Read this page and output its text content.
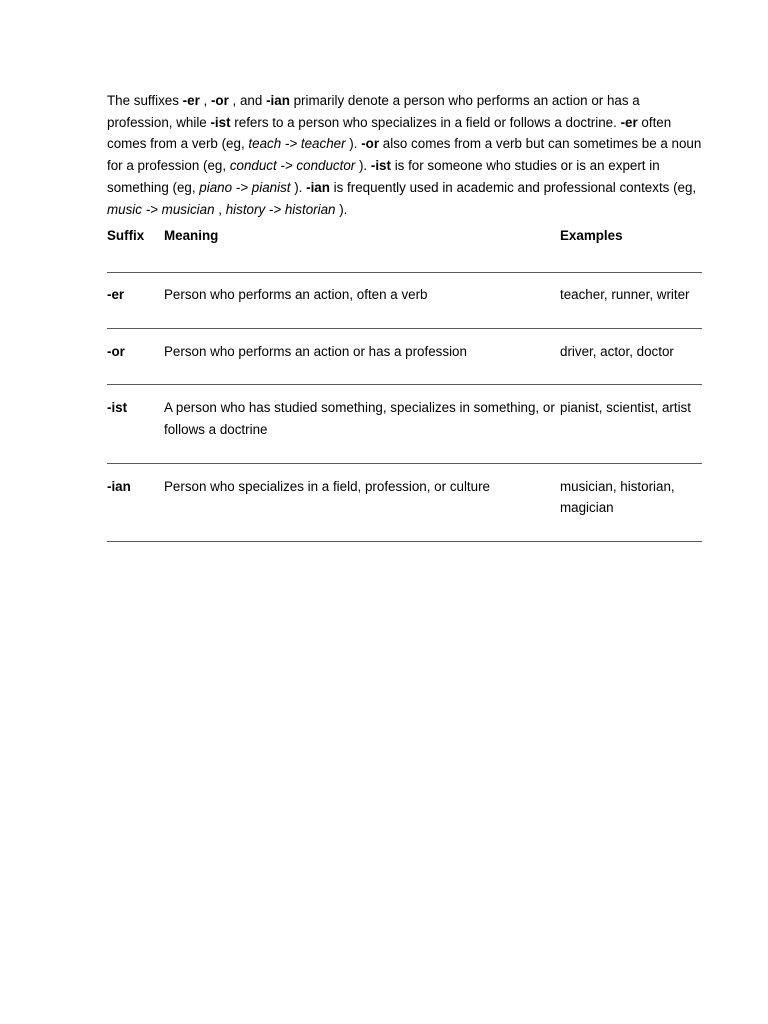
The suffixes -er , -or , and -ian primarily denote a person who performs an action or has a profession, while -ist refers to a person who specializes in a field or follows a doctrine. -er often comes from a verb (eg, teach -> teacher ). -or also comes from a verb but can sometimes be a noun for a profession (eg, conduct -> conductor ). -ist is for someone who studies or is an expert in something (eg, piano -> pianist ). -ian is frequently used in academic and professional contexts (eg, music -> musician , history -> historian ).

Suffix	Meaning	Examples
-er	Person who performs an action, often a verb	teacher, runner, writer
-or	Person who performs an action or has a profession	driver, actor, doctor
-ist	A person who has studied something, specializes in something, or follows a doctrine	pianist, scientist, artist
-ian	Person who specializes in a field, profession, or culture	musician, historian, magician
